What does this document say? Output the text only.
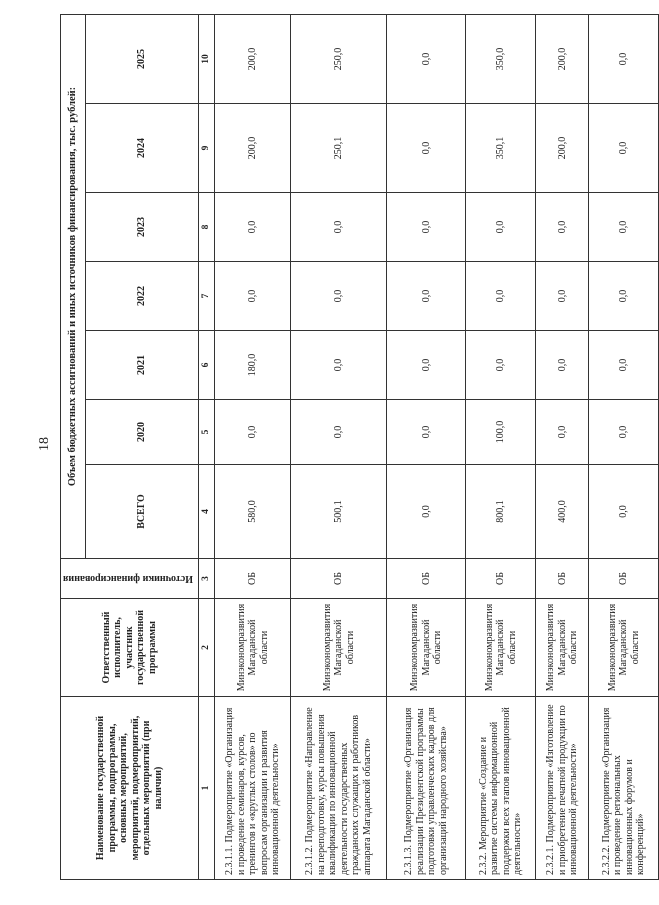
18
Наименование государственной программы, подпрограммы, основных мероприятий, мероприятий, подмероприятий, отдельных мероприятий (при наличии)	Ответственный исполнитель, участник государственной программы	Источники финансирования	Объем бюджетных ассигнований и иных источников финансирования, тыс. рублей:						
			ВСЕГО	2020	2021	2022	2023	2024	2025
1	2	3	4	5	6	7	8	9	10
2.3.1.1. Подмероприятие «Организация и проведение семинаров, курсов, тренингов и «круглых столов» по вопросам организации и развития инновационной деятельности»	Минэкономразвития Магаданской области	ОБ	580,0	0,0	180,0	0,0	0,0	200,0	200,0
2.3.1.2. Подмероприятие «Направление на переподготовку, курсы повышения квалификации по инновационной деятельности государственных гражданских служащих и работников аппарата Магаданской области»	Минэкономразвития Магаданской области	ОБ	500,1	0,0	0,0	0,0	0,0	250,1	250,0
2.3.1.3. Подмероприятие «Организация реализации Президентской программы подготовки управленческих кадров для организаций народного хозяйства»	Минэкономразвития Магаданской области	ОБ	0,0	0,0	0,0	0,0	0,0	0,0	0,0
2.3.2. Мероприятие «Создание и развитие системы информационной поддержки всех этапов инновационной деятельности»	Минэкономразвития Магаданской области	ОБ	800,1	100,0	0,0	0,0	0,0	350,1	350,0
2.3.2.1. Подмероприятие «Изготовление и приобретение печатной продукции по инновационной деятельности»	Минэкономразвития Магаданской области	ОБ	400,0	0,0	0,0	0,0	0,0	200,0	200,0
2.3.2.2. Подмероприятие «Организация и проведение региональных инновационных форумов и конференций»	Минэкономразвития Магаданской области	ОБ	0,0	0,0	0,0	0,0	0,0	0,0	0,0
